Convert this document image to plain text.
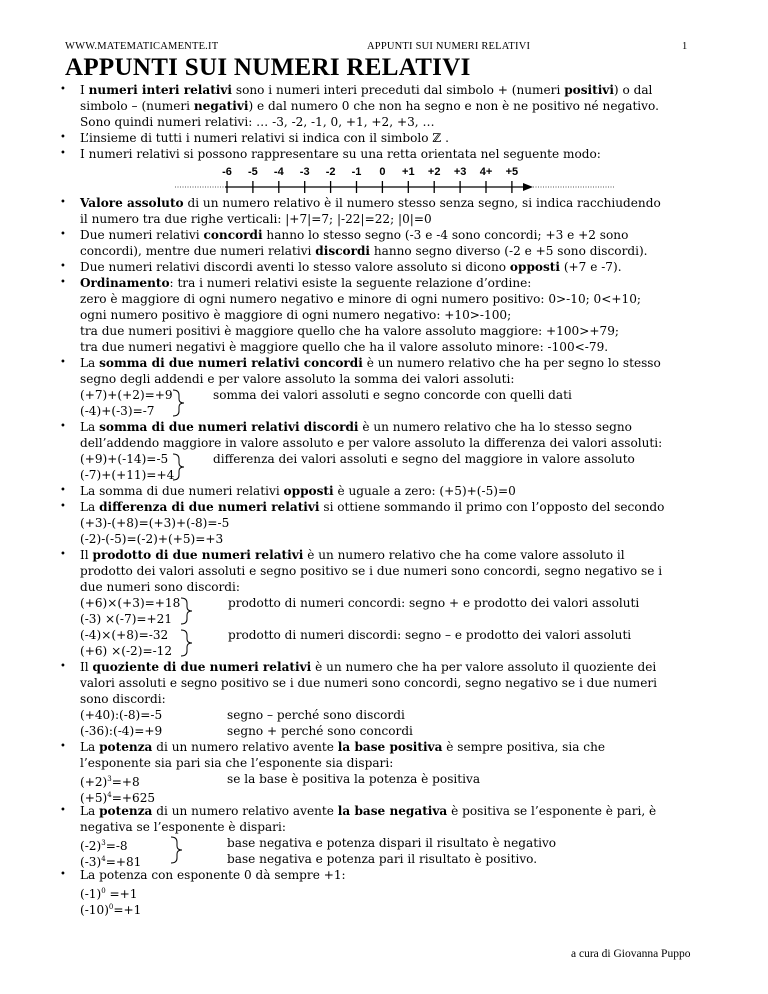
WWW.MATEMATICAMENTE.IT	APPUNTI SUI NUMERI RELATIVI	1
APPUNTI SUI NUMERI RELATIVI
•
•
•
•
•
•
•
•
•
•
•
•
•
•
•
•
I numeri interi relativi sono i numeri interi preceduti dal simbolo + (numeri positivi) o dal
simbolo – (numeri negativi) e dal numero 0 che non ha segno e non è ne positivo né negativo.
Sono quindi numeri relativi: … -3, -2, -1, 0, +1, +2, +3, …
L’insieme di tutti i numeri relativi si indica con il simbolo ℤ .
I numeri relativi si possono rappresentare su una retta orientata nel seguente modo:
-6 -5 -4 -3 -2 -1 0 +1 +2 +3 4+ +5
Valore assoluto di un numero relativo è il numero stesso senza segno, si indica racchiudendo
il numero tra due righe verticali: |+7|=7; |-22|=22; |0|=0
Due numeri relativi concordi hanno lo stesso segno (-3 e -4 sono concordi; +3 e +2 sono
concordi), mentre due numeri relativi discordi hanno segno diverso (-2 e +5 sono discordi).
Due numeri relativi discordi aventi lo stesso valore assoluto si dicono opposti (+7 e -7).
Ordinamento: tra i numeri relativi esiste la seguente relazione d’ordine:
zero è maggiore di ogni numero negativo e minore di ogni numero positivo: 0>-10; 0<+10;
ogni numero positivo è maggiore di ogni numero negativo: +10>-100;
tra due numeri positivi è maggiore quello che ha valore assoluto maggiore: +100>+79;
tra due numeri negativi è maggiore quello che ha il valore assoluto minore: -100<-79.
La somma di due numeri relativi concordi è un numero relativo che ha per segno lo stesso
segno degli addendi e per valore assoluto la somma dei valori assoluti:
(+7)+(+2)=+9
(-4)+(-3)=-7
somma dei valori assoluti e segno concorde con quelli dati
La somma di due numeri relativi discordi è un numero relativo che ha lo stesso segno
dell’addendo maggiore in valore assoluto e per valore assoluto la differenza dei valori assoluti:
(+9)+(-14)=-5
(-7)+(+11)=+4
differenza dei valori assoluti e segno del maggiore in valore assoluto
La somma di due numeri relativi opposti è uguale a zero: (+5)+(-5)=0
La differenza di due numeri relativi si ottiene sommando il primo con l’opposto del secondo
(+3)-(+8)=(+3)+(-8)=-5
(-2)-(-5)=(-2)+(+5)=+3
Il prodotto di due numeri relativi è un numero relativo che ha come valore assoluto il
prodotto dei valori assoluti e segno positivo se i due numeri sono concordi, segno negativo se i
due numeri sono discordi:
(+6)×(+3)=+18
(-3) ×(-7)=+21
prodotto di numeri concordi: segno + e prodotto dei valori assoluti
(-4)×(+8)=-32
(+6) ×(-2)=-12
prodotto di numeri discordi: segno – e prodotto dei valori assoluti
Il quoziente di due numeri relativi è un numero che ha per valore assoluto il quoziente dei
valori assoluti e segno positivo se i due numeri sono concordi, segno negativo se i due numeri
sono discordi:
(+40):(-8)=-5	segno – perché sono discordi
(-36):(-4)=+9	segno + perché sono concordi
La potenza di un numero relativo avente la base positiva è sempre positiva, sia che
l’esponente sia pari sia che l’esponente sia dispari:
$(+2)^3=+8$	se la base è positiva la potenza è positiva
$(+5)^4=+625$
La potenza di un numero relativo avente la base negativa è positiva se l’esponente è pari, è
negativa se l’esponente è dispari:
$(-2)^3=-8$	base negativa e potenza dispari il risultato è negativo
$(-3)^4=+81$	base negativa e potenza pari il risultato è positivo.
La potenza con esponente 0 dà sempre +1:
$(-1)^0 =+1$
$(-10)^0=+1$
a cura di Giovanna Puppo
